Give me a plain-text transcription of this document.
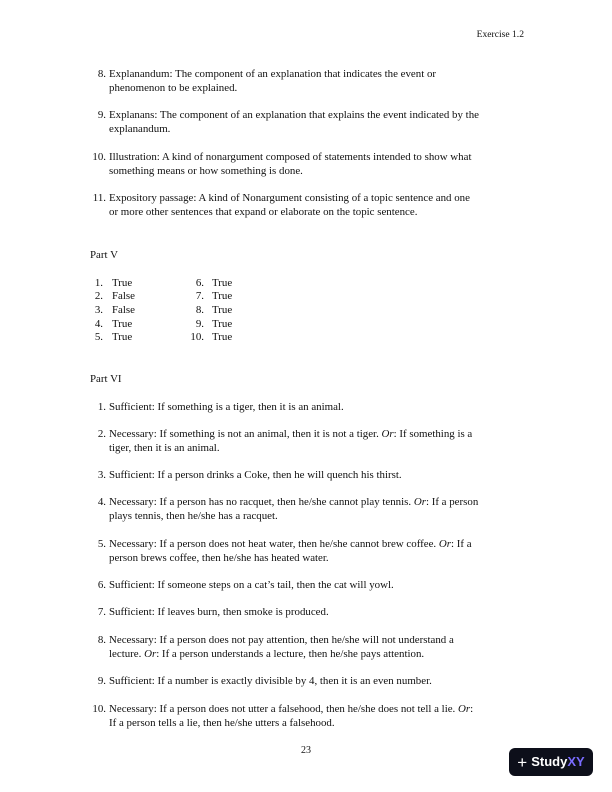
Exercise 1.2
8. Explanandum: The component of an explanation that indicates the event or
phenomenon to be explained.
9. Explanans: The component of an explanation that explains the event indicated by the
explanandum.
10. Illustration: A kind of nonargument composed of statements intended to show what
something means or how something is done.
11. Expository passage: A kind of Nonargument consisting of a topic sentence and one
or more other sentences that expand or elaborate on the topic sentence.
Part V
1. True
2. False
3. False
4. True
5. True
6. True
7. True
8. True
9. True
10. True
Part VI
1. Sufficient: If something is a tiger, then it is an animal.
2. Necessary: If something is not an animal, then it is not a tiger. Or: If something is a
tiger, then it is an animal.
3. Sufficient: If a person drinks a Coke, then he will quench his thirst.
4. Necessary: If a person has no racquet, then he/she cannot play tennis. Or: If a person
plays tennis, then he/she has a racquet.
5. Necessary: If a person does not heat water, then he/she cannot brew coffee. Or: If a
person brews coffee, then he/she has heated water.
6. Sufficient: If someone steps on a cat’s tail, then the cat will yowl.
7. Sufficient: If leaves burn, then smoke is produced.
8. Necessary: If a person does not pay attention, then he/she will not understand a
lecture. Or: If a person understands a lecture, then he/she pays attention.
9. Sufficient: If a number is exactly divisible by 4, then it is an even number.
10. Necessary: If a person does not utter a falsehood, then he/she does not tell a lie. Or:
If a person tells a lie, then he/she utters a falsehood.
23
+ StudyXY
